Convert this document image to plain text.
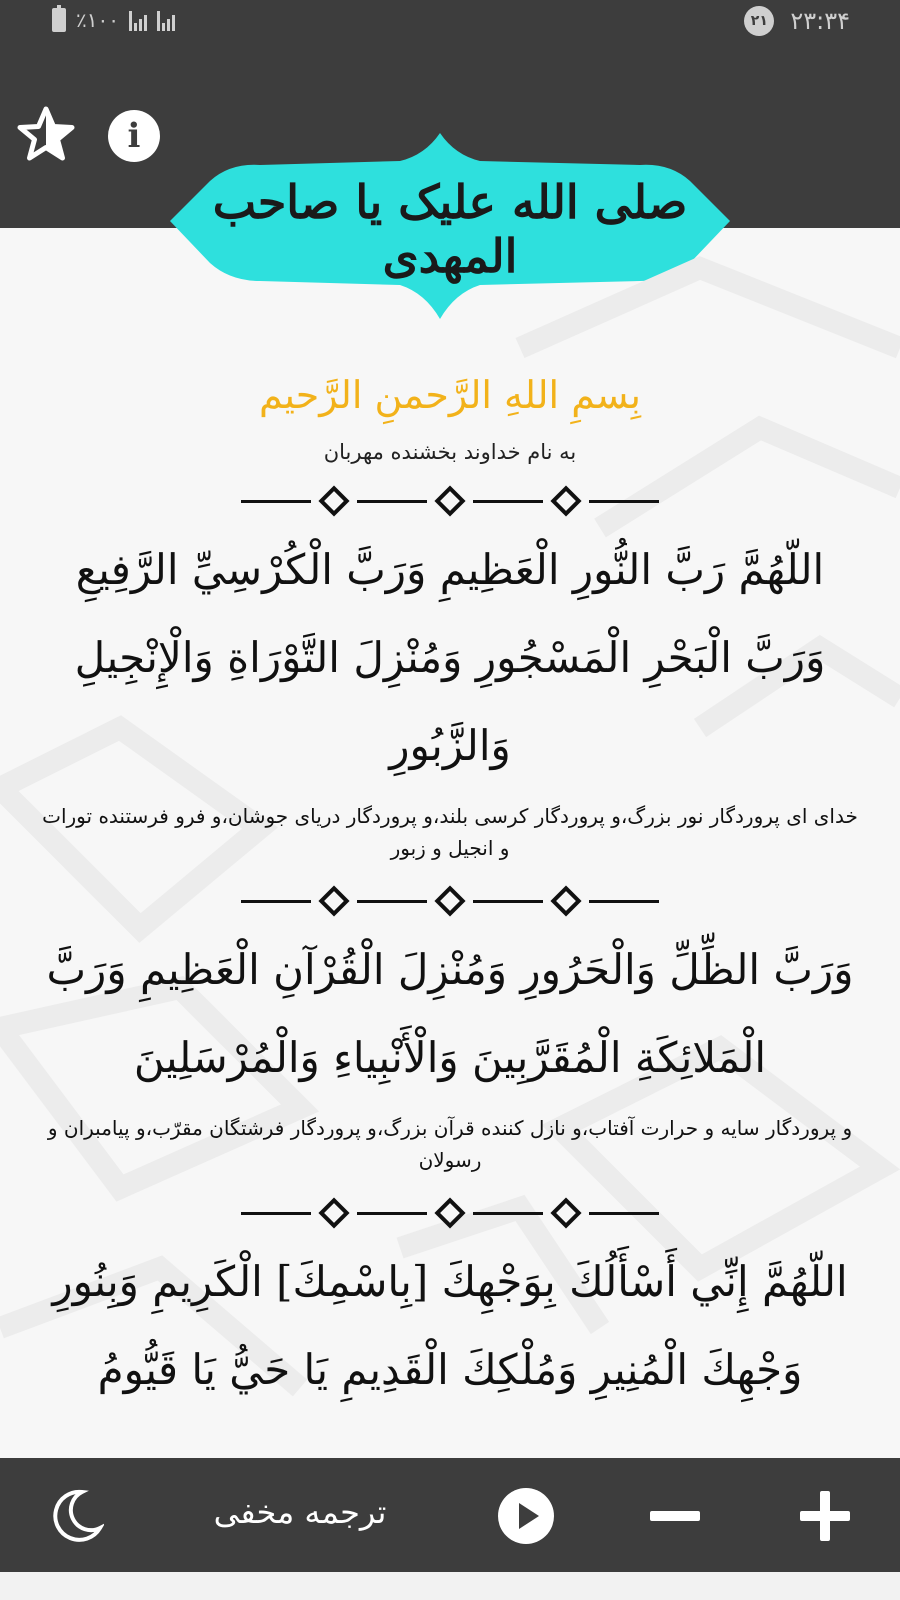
٪۱۰۰	۲۱ ۲۳:۳۴
i
صلی الله علیک یا صاحب المهدی
بِسمِ اللهِ الرَّحمنِ الرَّحیم
به نام خداوند بخشنده مهربان
اللّهُمَّ رَبَّ النُّورِ الْعَظِيمِ وَرَبَّ الْكُرْسِيِّ الرَّفِيعِ وَرَبَّ الْبَحْرِ الْمَسْجُورِ وَمُنْزِلَ التَّوْرَاةِ وَالْإِنْجِيلِ وَالزَّبُورِ
خدای ای پروردگار نور بزرگ،و پروردگار کرسی بلند،و پروردگار دریای جوشان،و فرو فرستنده تورات و انجیل و زبور
وَرَبَّ الظِّلِّ وَالْحَرُورِ وَمُنْزِلَ الْقُرْآنِ الْعَظِيمِ وَرَبَّ الْمَلائِكَةِ الْمُقَرَّبِينَ وَالْأَنْبِياءِ وَالْمُرْسَلِينَ
و پروردگار سایه و حرارت آفتاب،و نازل کننده قرآن بزرگ،و پروردگار فرشتگان مقرّب،و پیامبران و رسولان
اللّهُمَّ إِنِّي أَسْأَلُكَ بِوَجْهِكَ [بِاسْمِكَ] الْكَرِيمِ وَبِنُورِ وَجْهِكَ الْمُنِيرِ وَمُلْكِكَ الْقَدِيمِ يَا حَيُّ يَا قَيُّومُ
ترجمه مخفی
